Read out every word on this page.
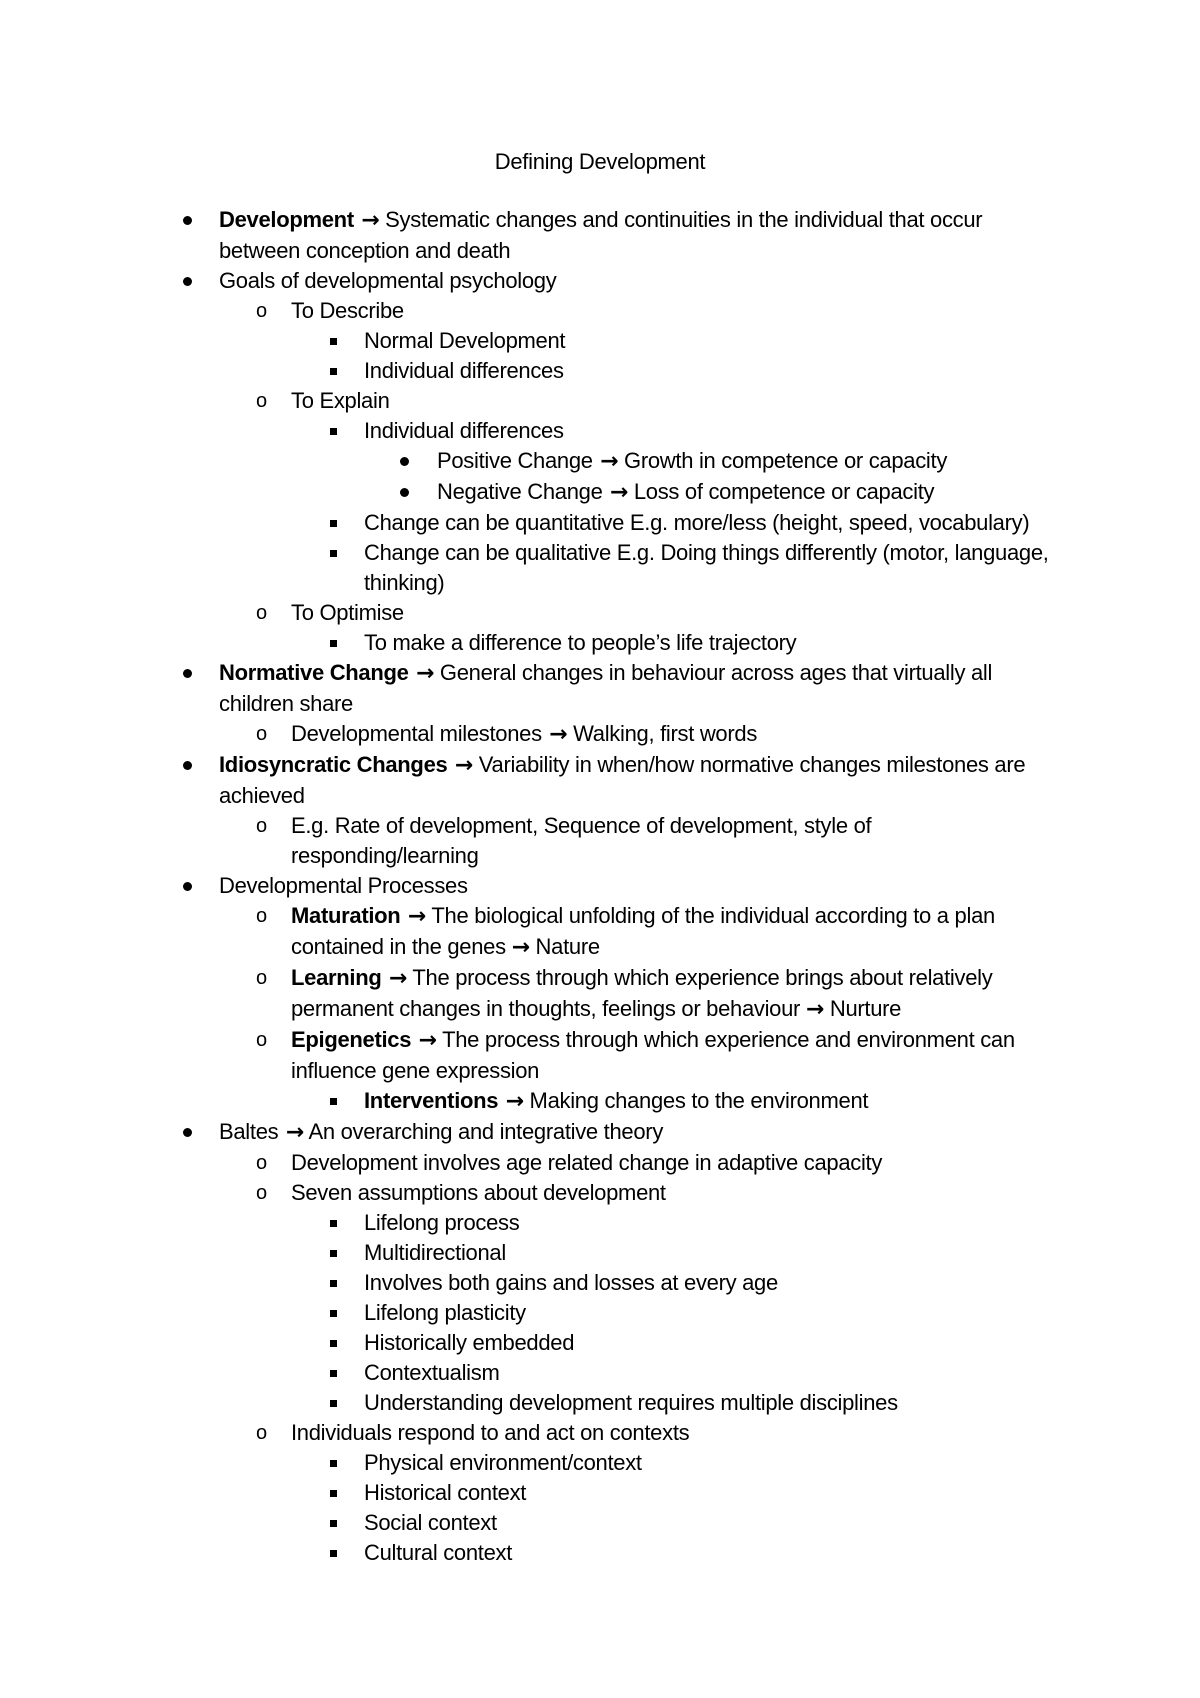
Defining Development
Development → Systematic changes and continuities in the individual that occur between conception and death
Goals of developmental psychology
o To Describe
Normal Development
Individual differences
o To Explain
Individual differences
Positive Change → Growth in competence or capacity
Negative Change → Loss of competence or capacity
Change can be quantitative E.g. more/less (height, speed, vocabulary)
Change can be qualitative E.g. Doing things differently (motor, language, thinking)
o To Optimise
To make a difference to people’s life trajectory
Normative Change → General changes in behaviour across ages that virtually all children share
o Developmental milestones → Walking, first words
Idiosyncratic Changes → Variability in when/how normative changes milestones are achieved
o E.g. Rate of development, Sequence of development, style of responding/learning
Developmental Processes
o Maturation → The biological unfolding of the individual according to a plan contained in the genes → Nature
o Learning → The process through which experience brings about relatively permanent changes in thoughts, feelings or behaviour → Nurture
o Epigenetics → The process through which experience and environment can influence gene expression
Interventions → Making changes to the environment
Baltes → An overarching and integrative theory
o Development involves age related change in adaptive capacity
o Seven assumptions about development
Lifelong process
Multidirectional
Involves both gains and losses at every age
Lifelong plasticity
Historically embedded
Contextualism
Understanding development requires multiple disciplines
o Individuals respond to and act on contexts
Physical environment/context
Historical context
Social context
Cultural context
